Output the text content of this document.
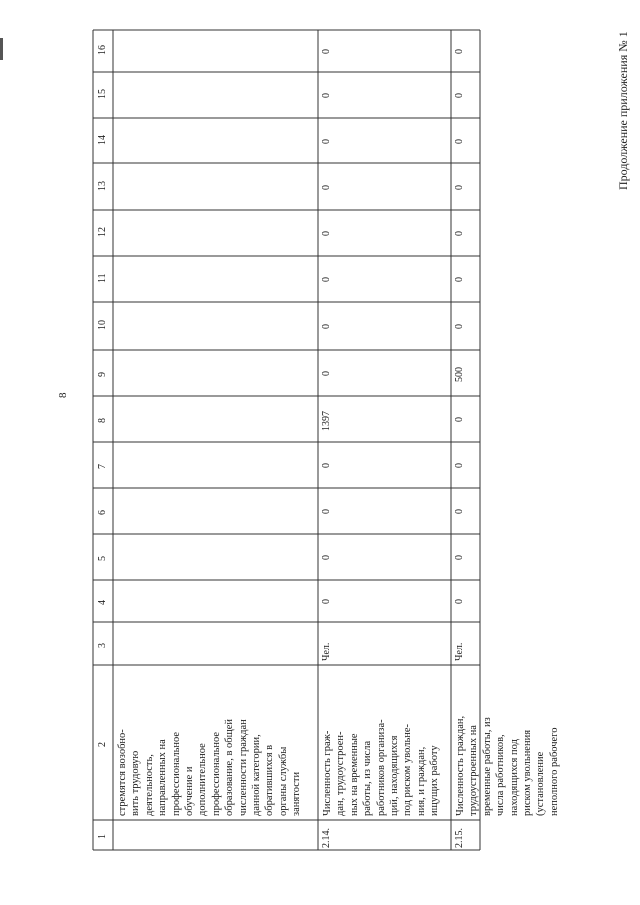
8
Продолжение приложения № 1
1
2
3
4
5
6
7
8
9
10
11
12
13
14
15
16
стремятся возобно- вить трудовую деятельность, направленных на профессиональное обучение и дополнительное профессиональное образование, в общей численности граждан данной категории, обратившихся в органы службы занятости
2.14.
Численность граж- дан, трудоустроен- ных на временные работы, из числа работников организа- ций, находящихся под риском увольне- ния, и граждан, ищущих работу
Чел.
0
0
0
1397
0
0
0
0
0
0
0
0
0
2.15.
Численность граждан, трудоустроенных на временные работы, из числа работников, находящихся под риском увольнения (установление неполного рабочего
Чел.
0
0
0
0
500
0
0
0
0
0
0
0
0
